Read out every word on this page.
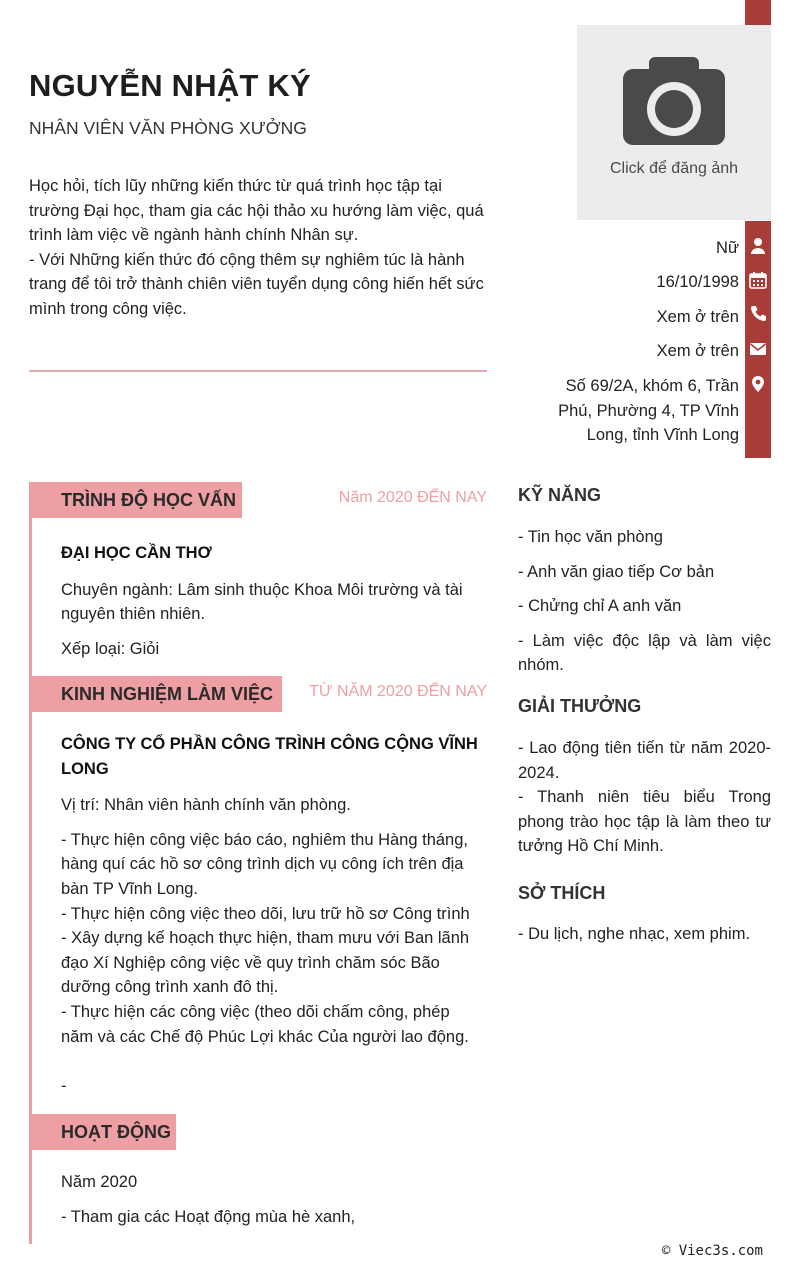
NGUYỄN NHẬT KÝ
NHÂN VIÊN VĂN PHÒNG XƯỞNG
Học hỏi, tích lũy những kiến thức từ quá trình học tập tại trường Đại học, tham gia các hội thảo xu hướng làm việc, quá trình làm việc về ngành hành chính Nhân sự.
- Với Những kiến thức đó cộng thêm sự nghiêm túc là hành trang để tôi trở thành chiên viên tuyển dụng công hiến hết sức mình trong công việc.
Click để đăng ảnh
Nữ
16/10/1998
Xem ở trên
Xem ở trên
Số 69/2A, khóm 6, Trần Phú, Phường 4, TP Vĩnh Long, tỉnh Vĩnh Long
TRÌNH ĐỘ HỌC VẤN	Năm 2020 ĐẾN NAY
ĐẠI HỌC CẦN THƠ
Chuyên ngành: Lâm sinh thuộc Khoa Môi trường và tài nguyên thiên nhiên.
Xếp loại: Giỏi
KINH NGHIỆM LÀM VIỆC	TỪ NĂM 2020 ĐẾN NAY
CÔNG TY CỔ PHẦN CÔNG TRÌNH CÔNG CỘNG VĨNH LONG
Vị trí: Nhân viên hành chính văn phòng.
- Thực hiện công việc báo cáo, nghiêm thu Hàng tháng, hàng quí các hồ sơ công trình dịch vụ công ích trên địa bàn TP Vĩnh Long.
- Thực hiện công việc theo dõi, lưu trữ hồ sơ Công trình
- Xây dựng kế hoạch thực hiện, tham mưu với Ban lãnh đạo Xí Nghiệp công việc về quy trình chăm sóc Bão dưỡng công trình xanh đô thị.
- Thực hiện các công việc (theo dõi chấm công, phép năm và các Chế độ Phúc Lợi khác Của người lao động.
-
HOẠT ĐỘNG
Năm 2020
- Tham gia các Hoạt động mùa hè xanh,
KỸ NĂNG
- Tin học văn phòng
- Anh văn giao tiếp Cơ bản
- Chửng chỉ A anh văn
- Làm việc độc lập và làm việc nhóm.
GIẢI THƯỞNG
- Lao động tiên tiến từ năm 2020-2024.
- Thanh niên tiêu biểu Trong phong trào học tập là làm theo tư tưởng Hồ Chí Minh.
SỞ THÍCH
- Du lịch, nghe nhạc, xem phim.
© Viec3s.com
